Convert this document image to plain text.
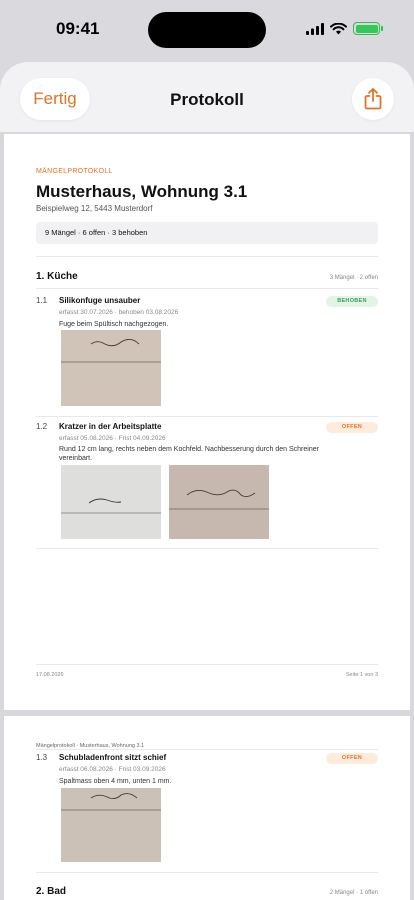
09:41
Fertig	Protokoll
MÄNGELPROTOKOLL
Musterhaus, Wohnung 3.1
Beispielweg 12, 5443 Musterdorf
9 Mängel · 6 offen · 3 behoben
1. Küche	3 Mängel · 2 offen
1.1 Silikonfuge unsauber	BEHOBEN
erfasst 30.07.2026 · behoben 03.08.2026
Fuge beim Spültisch nachgezogen.
1.2 Kratzer in der Arbeitsplatte	OFFEN
erfasst 05.08.2026 · Frist 04.09.2026
Rund 12 cm lang, rechts neben dem Kochfeld. Nachbesserung durch den Schreiner vereinbart.
17.08.2026	Seite 1 von 3
Mängelprotokoll · Musterhaus, Wohnung 3.1
1.3 Schubladenfront sitzt schief	OFFEN
erfasst 06.08.2026 · Frist 03.09.2026
Spaltmass oben 4 mm, unten 1 mm.
2. Bad	2 Mängel · 1 offen
